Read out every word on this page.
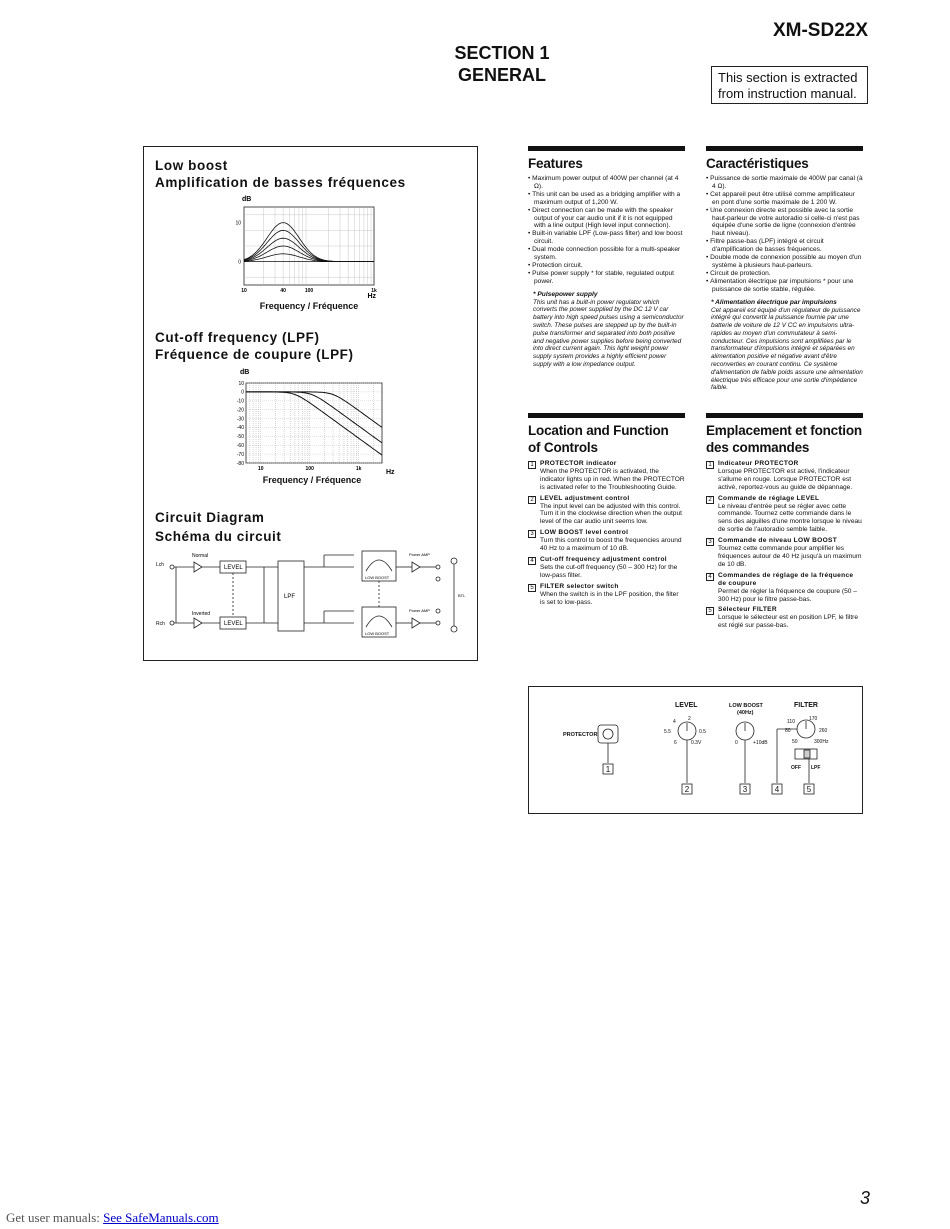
XM-SD22X
SECTION 1
GENERAL	This section is extracted
from instruction manual.
Low boost
Amplification de basses fréquences
dB
10
0
10	40	100	1k
Hz
Frequency / Fréquence
Cut-off frequency (LPF)
Fréquence de coupure (LPF)
dB
10
0
-10
-20
-30
-40
-50
-60
-70
-80
10	100	1k	Hz
Frequency / Fréquence
Circuit Diagram
Schéma du circuit
Lch
Rch
Normal
Inverted
LEVEL
LEVEL
LPF
LOW BOOST
LOW BOOST
Power AMP
Power AMP
BTL
Features
• Maximum power output of 400W per channel (at 4 Ω).
• This unit can be used as a bridging amplifier with a maximum output of 1,200 W.
• Direct connection can be made with the speaker output of your car audio unit if it is not equipped with a line output (High level input connection).
• Built-in variable LPF (Low-pass filter) and low boost circuit.
• Dual mode connection possible for a multi-speaker system.
• Protection circuit.
• Pulse power supply * for stable, regulated output power.
* Pulsepower supply
This unit has a built-in power regulator which converts the power supplied by the DC 12 V car battery into high speed pulses using a semiconductor switch. These pulses are stepped up by the built-in pulse transformer and separated into both positive and negative power supplies before being converted into direct current again. This light weight power supply system provides a highly efficient power supply with a low impedance output.
Caractéristiques
• Puissance de sortie maximale de 400W par canal (à 4 Ω).
• Cet appareil peut être utilisé comme amplificateur en pont d'une sortie maximale de 1 200 W.
• Une connexion directe est possible avec la sortie haut-parleur de votre autoradio si celle-ci n'est pas équipée d'une sortie de ligne (connexion d'entrée haut niveau).
• Filtre passe-bas (LPF) intégré et circuit d'amplification de basses fréquences.
• Double mode de connexion possible au moyen d'un système à plusieurs haut-parleurs.
• Circuit de protection.
• Alimentation électrique par impulsions * pour une puissance de sortie stable, régulée.
* Alimentation électrique par impulsions
Cet appareil est équipé d'un régulateur de puissance intégré qui convertit la puissance fournie par une batterie de voiture de 12 V CC en impulsions ultra-rapides au moyen d'un commutateur à semi-conducteur. Ces impulsions sont amplifiées par le transformateur d'impulsions intégré et séparées en alimentation positive et négative avant d'être reconverties en courant continu. Ce système d'alimentation de faible poids assure une alimentation électrique très efficace pour une sortie d'impédance faible.
Location and Function
of Controls
1 PROTECTOR indicator
When the PROTECTOR is activated, the indicator lights up in red. When the PROTECTOR is activated refer to the Troubleshooting Guide.
2 LEVEL adjustment control
The input level can be adjusted with this control. Turn it in the clockwise direction when the output level of the car audio unit seems low.
3 LOW BOOST level control
Turn this control to boost the frequencies around 40 Hz to a maximum of 10 dB.
4 Cut-off frequency adjustment control
Sets the cut-off frequency (50 – 300 Hz) for the low-pass filter.
5 FILTER selector switch
When the switch is in the LPF position, the filter is set to low-pass.
Emplacement et fonction
des commandes
1 Indicateur PROTECTOR
Lorsque PROTECTOR est activé, l'indicateur s'allume en rouge. Lorsque PROTECTOR est activé, reportez-vous au guide de dépannage.
2 Commande de réglage LEVEL
Le niveau d'entrée peut se régler avec cette commande. Tournez cette commande dans le sens des aiguilles d'une montre lorsque le niveau de sortie de l'autoradio semble faible.
3 Commande de niveau LOW BOOST
Tournez cette commande pour amplifier les fréquences autour de 40 Hz jusqu'à un maximum de 10 dB.
4 Commandes de réglage de la fréquence de coupure
Permet de régler la fréquence de coupure (50 – 300 Hz) pour le filtre passe-bas.
5 Sélecteur FILTER
Lorsque le sélecteur est en position LPF, le filtre est réglé sur passe-bas.
PROTECTOR
LEVEL	LOW BOOST
(40Hz)
FILTER
4 2
5.5	0.5
6	0.3V	0	+10dB
110	170
80	260
50	300Hz
OFF LPF
1
2	3	4	5
Get user manuals: See SafeManuals.com
3
